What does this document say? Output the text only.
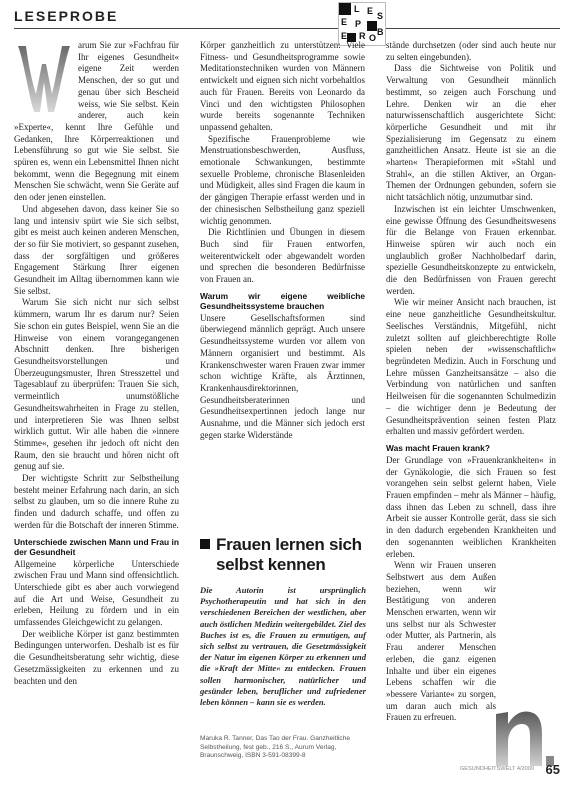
LESEPROBE	L E S
E P
R O
B
E

arum Sie zur »Fachfrau für Ihr eigenes Gesundheit« eigene Zeit werden Menschen, der so gut und genau über sich Bescheid weiss, wie Sie selbst. Kein anderer, auch kein »Experte«, kennt Ihre Gefühle und Gedanken, Ihre Körperreaktionen und Lebensführung so gut wie Sie selbst. Sie spüren es, wenn ein Lebensmittel Ihnen nicht bekommt, wenn die Begegnung mit einem Menschen Sie schwächt, wenn Sie Geräte auf den oder jenen einstellen.

Und abgesehen davon, dass keiner Sie so lang und intensiv spürt wie Sie sich selbst, gibt es meist auch keinen anderen Menschen, der so für Sie motiviert, so gespannt zusehen, dass der sorgfältigen und größeres Engagement Stärkung Ihrer eigenen Gesundheit im Alltag übernommen kann wie Sie selbst.

Warum Sie sich nicht nur sich selbst kümmern, warum Ihr es darum nur? Seien Sie schon ein gutes Beispiel, wenn Sie an die Hinweise von einem vorangegangenen Abschnitt denken. Ihre bisherigen Gesundheitsvorstellungen und Überzeugungsmuster, Ihren Stresszettel und Tagesablauf zu überprüfen: Trauen Sie sich, vermeintlich unumstößliche Gesundheitswahrheiten in Frage zu stellen, und interpretieren Sie was Ihnen selbst wirklich guttut. Wir alle haben die »innere Stimme«, gesehen ihr jedoch oft nicht den Raum, den sie braucht und hören nicht oft genug auf sie.

Der wichtigste Schritt zur Selbstheilung besteht meiner Erfahrung nach darin, an sich selbst zu glauben, um so die innere Ruhe zu finden und dadurch schaffe, und offen zu werden für die Botschaft der inneren Stimme.

Unterschiede zwischen Mann und Frau in der Gesundheit

Allgemeine körperliche Unterschiede zwischen Frau und Mann sind offensichtlich. Unterschiede gibt es aber auch vorwiegend auf die Art und Weise, Gesundheit zu erleben, Heilung zu fördern und in ein umfassendes Gleichgewicht zu gelangen.

Der weibliche Körper ist ganz bestimmten Bedingungen unterworfen. Deshalb ist es für die Gesundheitsberatung sehr wichtig, diese Gesetzmässigkeiten zu erkennen und zu beachten und den

Körper ganzheitlich zu unterstützen: Viele Fitness- und Gesundheitsprogramme sowie Meditationstechniken wurden von Männern entwickelt und eignen sich nicht vorbehaltlos auch für Frauen. Bereits von Leonardo da Vinci und den wichtigsten Philosophen wurde bereits sogenannte Techniken unpassend gehalten.

Spezifische Frauenprobleme wie Menstruationsbeschwerden, Ausfluss, emotionale Schwankungen, bestimmte sexuelle Probleme, chronische Blasenleiden und Müdigkeit, alles sind Fragen die kaum in der gängigen Therapie erfasst werden und in der chinesischen Selbstheilung ganz speziell wichtig genommen.

Die Richtlinien und Übungen in diesem Buch sind für Frauen entworfen, weiterentwickelt oder abgewandelt worden und sprechen die besonderen Bedürfnisse von Frauen an.

Warum wir eigene weibliche Gesundheitssysteme brauchen

Unsere Gesellschaftsformen sind überwiegend männlich geprägt. Auch unsere Gesundheitssysteme wurden vor allem von Männern organisiert und bestimmt. Als Krankenschwester waren Frauen zwar immer schon wichtige Kräfte, als Ärztinnen, Krankenhausdirektorinnen, Gesundheitsberaterinnen und Gesundheitsexpertinnen jedoch lange nur Ausnahme, und die Männer sich jedoch erst gegen starke Widerstände

Frauen lernen sich selbst kennen
Die Autorin ist ursprünglich Psychotherapeutin und hat sich in den verschiedenen Bereichen der westlichen, aber auch östlichen Medizin weitergebildet. Ziel des Buches ist es, die Frauen zu ermutigen, auf sich selbst zu vertrauen, die Gesetzmässigkeit der Natur im eigenen Körper zu erkennen und die »Kraft der Mitte« zu entdecken. Frauen sollen harmonischer, natürlicher und gesünder leben, beruflicher und zufriedener leben können – kann sie es werden.
Maruka R. Tanner, Das Tao der Frau. Ganzheitliche Selbstheilung, fest geb., 216 S., Aurum Verlag, Braunschweig, ISBN 3-591-08399-8

stände durchsetzen (oder sind auch heute nur zu selten eingebunden).

Dass die Sichtweise von Politik und Verwaltung von Gesundheit männlich bestimmt, so zeigen auch Forschung und Lehre. Denken wir an die eher naturwissenschaftlich ausgerichtete Sicht: körperliche Gesundheit und mit ihr Spezialisierung im Gegensatz zu einem ganzheitlichen Ansatz. Heute ist sie an die »harten« Therapieformen mit »Stahl und Strahl«, an die stillen Aktiver, an Organ-Themen der Ordnungen gebunden, sofern sie nicht tatsächlich nötig, unzumutbar sind.

Inzwischen ist ein leichter Umschwenken, eine gewisse Öffnung des Gesundheitswesens für die Belange von Frauen erkennbar. Hinweise spüren wir auch noch ein unglaublich großer Nachholbedarf darin, spezielle Gesundheitskonzepte zu entwickeln, die den Bedürfnissen von Frauen gerecht werden.

Wie wir meiner Ansicht nach brauchen, ist eine neue ganzheitliche Gesundheitskultur. Seelisches Verständnis, Mitgefühl, nicht zuletzt sollten auf gleichberechtigte Rolle spielen neben der »wissenschaftlich« begründeten Medizin. Auch in Forschung und Lehre müssen Ganzheitsansätze – also die Verbindung von natürlichen und sanften Heilweisen für die sogenannten Schulmedizin – die wichtiger denn je Bedeutung der Gesundheitsprävention seinen festen Platz erhalten und massiv gefördert werden.

Was macht Frauen krank?

Der Grundlage von »Frauenkrankheiten« in der Gynäkologie, die sich Frauen so fest vorangehen sein selbst gelernt haben, Viele Frauen empfinden – mehr als Männer – häufig, dass ihnen das Leben zu schnell, dass ihre Arbeit sie ausser Kontrolle gerät, dass sie sich in den dadurch ergebenden Krankheiten und den sogenannten weiblichen Krankheiten erleben.

Wenn wir Frauen unseren Selbstwert aus dem Außen beziehen, wenn wir Bestätigung von anderen Menschen erwarten, wenn wir uns selbst nur als Schwester oder Mutter, als Partnerin, als Frau anderer Menschen erleben, die ganz eigenen Inhalte und über ein eigenes Lebens schaffen wir die »bessere Variante« zu sorgen, um daran auch mich als Frauen zu erfreuen.

GESUNDHEITSWELT 4/2000 65
